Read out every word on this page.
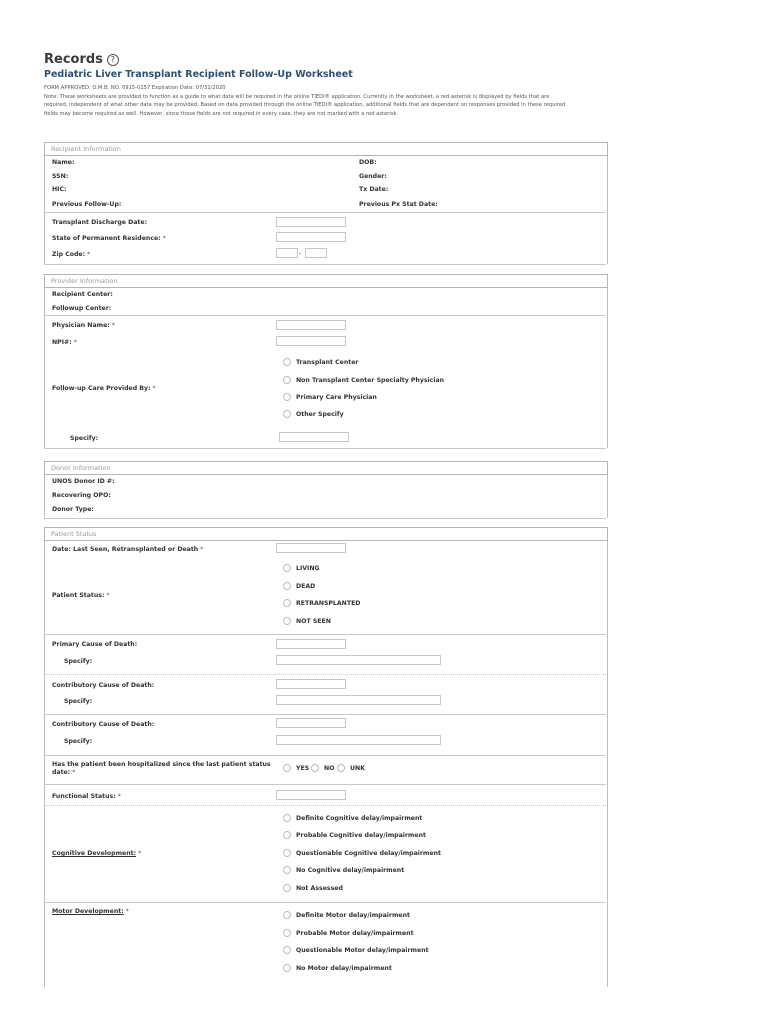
Records ?
Pediatric Liver Transplant Recipient Follow-Up Worksheet
FORM APPROVED: O.M.B. NO. 0915-0157 Expiration Date: 07/31/2020
Note: These worksheets are provided to function as a guide to what data will be required in the online TIEDI® application. Currently in the worksheet, a red asterisk is displayed by fields that are
required, independent of what other data may be provided. Based on data provided through the online TIEDI® application, additional fields that are dependent on responses provided in these required
fields may become required as well. However, since those fields are not required in every case, they are not marked with a red asterisk.
Recipient Information
Name:	DOB:
SSN:	Gender:
HIC:	Tx Date:
Previous Follow-Up:	Previous Px Stat Date:
Transplant Discharge Date:
State of Permanent Residence: *
Zip Code: *	-
Provider Information
Recipient Center:
Followup Center:
Physician Name: *
NPI#: *
Follow-up Care Provided By: *
Transplant Center
Non Transplant Center Specialty Physician
Primary Care Physician
Other Specify
Specify:
Donor Information
UNOS Donor ID #:
Recovering OPO:
Donor Type:
Patient Status
Date: Last Seen, Retransplanted or Death *
Patient Status: *
LIVING
DEAD
RETRANSPLANTED
NOT SEEN
Primary Cause of Death:
Specify:
Contributory Cause of Death:
Specify:
Contributory Cause of Death:
Specify:
Has the patient been hospitalized since the last patient status
date: *
YES NO	UNK
Functional Status: *
Cognitive Development: *
Definite Cognitive delay/impairment
Probable Cognitive delay/impairment
Questionable Cognitive delay/impairment
No Cognitive delay/impairment
Not Assessed
Motor Development: *
Definite Motor delay/impairment
Probable Motor delay/impairment
Questionable Motor delay/impairment
No Motor delay/impairment
